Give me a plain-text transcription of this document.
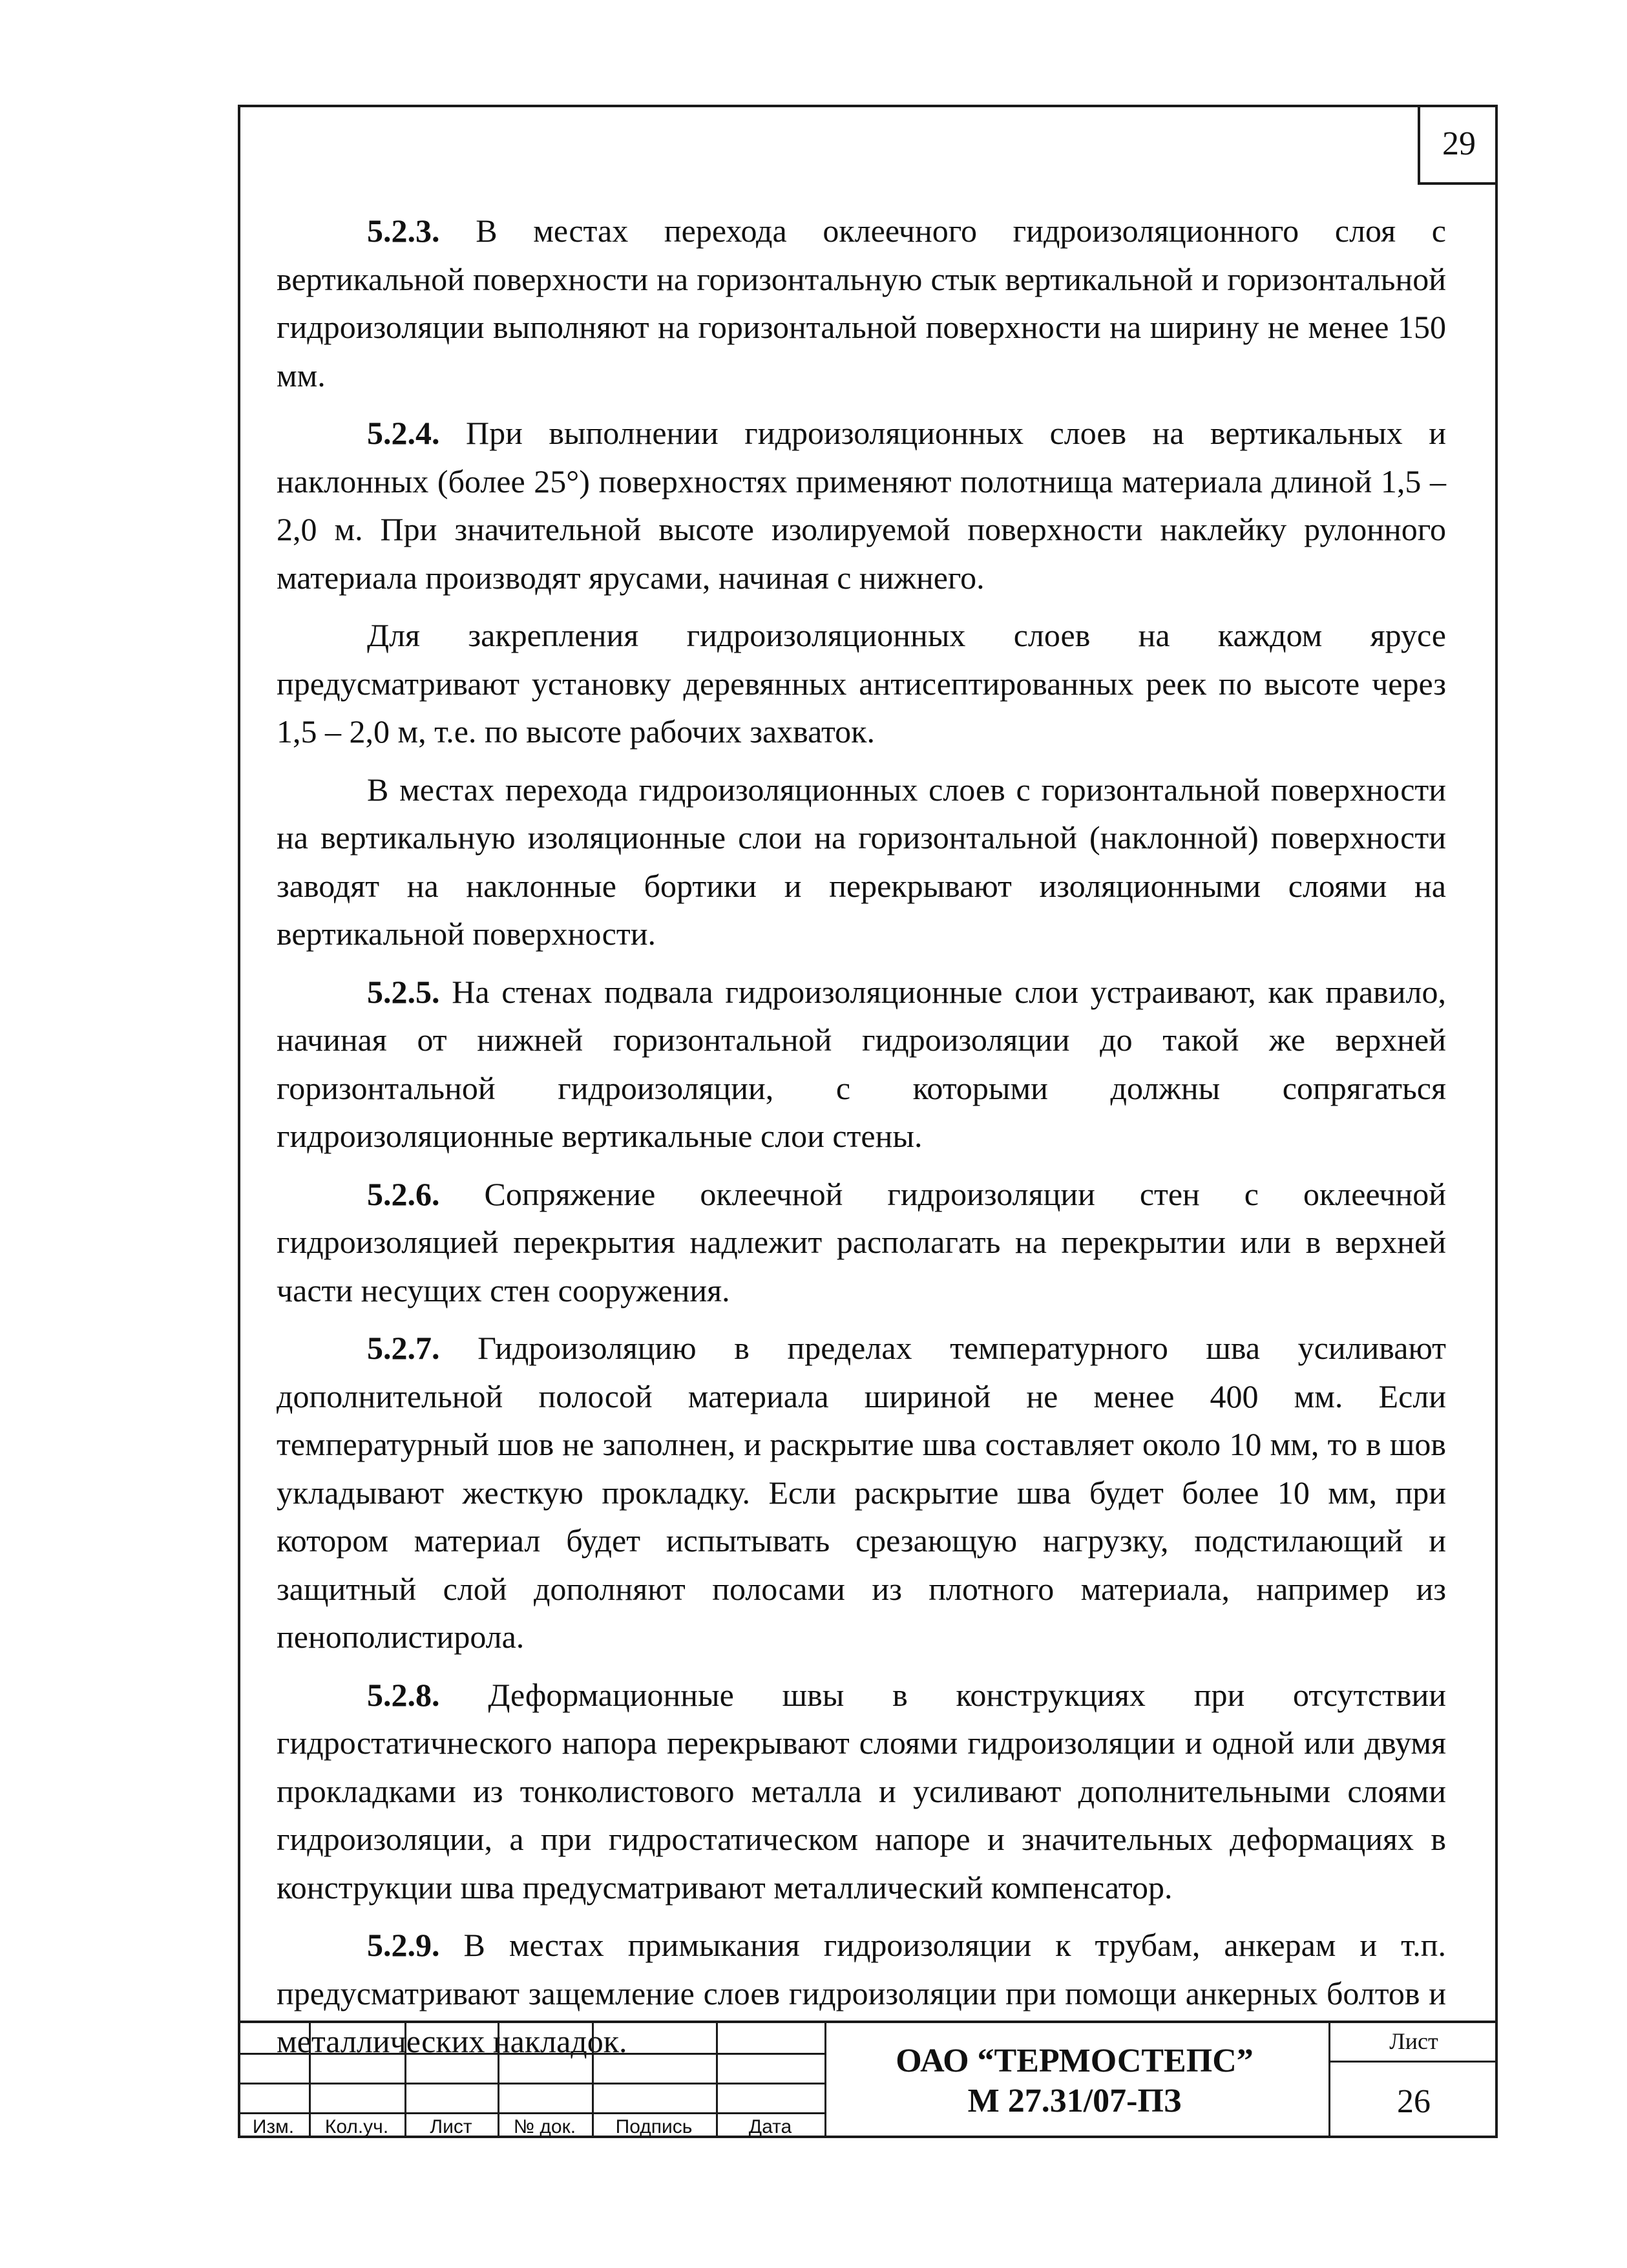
29

5.2.3. В местах перехода оклеечного гидроизоляционного слоя с вертикальной поверхности на горизонтальную стык вертикальной и горизонтальной гидроизоляции выполняют на горизонтальной поверхности на ширину не менее 150 мм.

5.2.4. При выполнении гидроизоляционных слоев на вертикальных и наклонных (более 25°) поверхностях применяют полотнища материала длиной 1,5 – 2,0 м. При значительной высоте изолируемой поверхности наклейку рулонного материала производят ярусами, начиная с нижнего.

Для закрепления гидроизоляционных слоев на каждом ярусе предусматривают установку деревянных антисептированных реек по высоте через 1,5 – 2,0 м, т.е. по высоте рабочих захваток.

В местах перехода гидроизоляционных слоев с горизонтальной поверхности на вертикальную изоляционные слои на горизонтальной (наклонной) поверхности заводят на наклонные бортики и перекрывают изоляционными слоями на вертикальной поверхности.

5.2.5. На стенах подвала гидроизоляционные слои устраивают, как правило, начиная от нижней горизонтальной гидроизоляции до такой же верхней горизонтальной гидроизоляции, с которыми должны сопрягаться гидроизоляционные вертикальные слои стены.

5.2.6. Сопряжение оклеечной гидроизоляции стен с оклеечной гидроизоляцией перекрытия надлежит располагать на перекрытии или в верхней части несущих стен сооружения.

5.2.7. Гидроизоляцию в пределах температурного шва усиливают дополнительной полосой материала шириной не менее 400 мм. Если температурный шов не заполнен, и раскрытие шва составляет около 10 мм, то в шов укладывают жесткую прокладку. Если раскрытие шва будет более 10 мм, при котором материал будет испытывать срезающую нагрузку, подстилающий и защитный слой дополняют полосами из плотного материала, например из пенополистирола.

5.2.8. Деформационные швы в конструкциях при отсутствии гидростатичнеского напора перекрывают слоями гидроизоляции и одной или двумя прокладками из тонколистового металла и усиливают дополнительными слоями гидроизоляции, а при гидростатическом напоре и значительных деформациях в конструкции шва предусматривают металлический компенсатор.

5.2.9. В местах примыкания гидроизоляции к трубам, анкерам и т.п. предусматривают защемление слоев гидроизоляции при помощи анкерных болтов и металлических накладок.

Изм.	Кол.уч.	Лист	№ док.	Подпись	Дата
ОАО “ТЕРМОСТЕПС”
М 27.31/07-ПЗ
Лист
26
